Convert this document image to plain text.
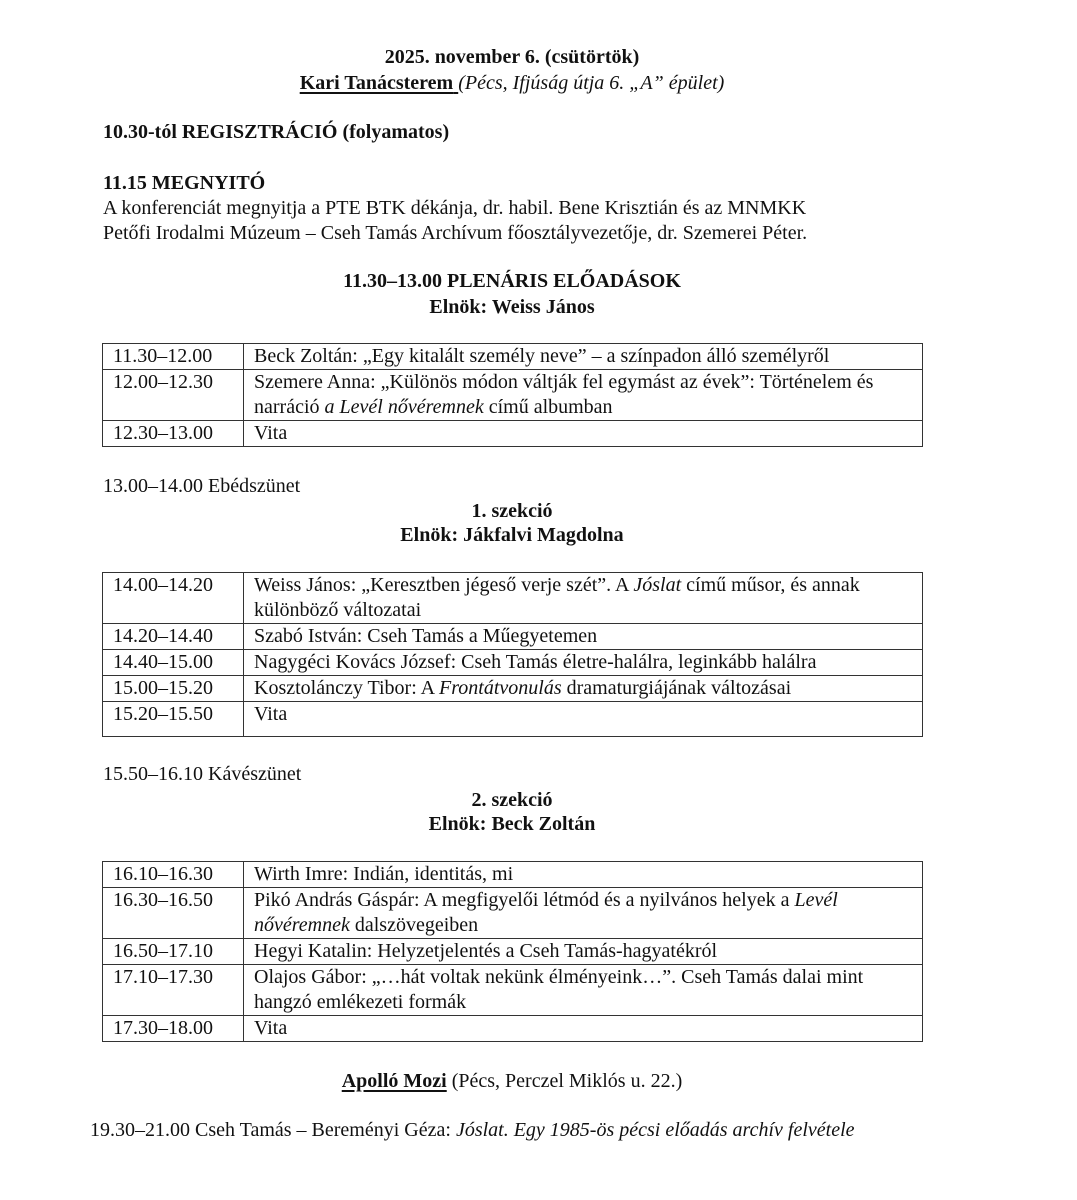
2025. november 6. (csütörtök)
Kari Tanácsterem (Pécs, Ifjúság útja 6. „A” épület)
10.30-tól REGISZTRÁCIÓ (folyamatos)
11.15 MEGNYITÓ
A konferenciát megnyitja a PTE BTK dékánja, dr. habil. Bene Krisztián és az MNMKK
Petőfi Irodalmi Múzeum – Cseh Tamás Archívum főosztályvezetője, dr. Szemerei Péter.
11.30–13.00 PLENÁRIS ELŐADÁSOK
Elnök: Weiss János
11.30–12.00	Beck Zoltán: „Egy kitalált személy neve” – a színpadon álló személyről
12.00–12.30	Szemere Anna: „Különös módon váltják fel egymást az évek”: Történelem és narráció a Levél nővéremnek című albumban
12.30–13.00	Vita
13.00–14.00 Ebédszünet
1. szekció
Elnök: Jákfalvi Magdolna
14.00–14.20	Weiss János: „Keresztben jégeső verje szét”. A Jóslat című műsor, és annak különböző változatai
14.20–14.40	Szabó István: Cseh Tamás a Műegyetemen
14.40–15.00	Nagygéci Kovács József: Cseh Tamás életre-halálra, leginkább halálra
15.00–15.20	Kosztolánczy Tibor: A Frontátvonulás dramaturgiájának változásai
15.20–15.50	Vita
15.50–16.10 Kávészünet
2. szekció
Elnök: Beck Zoltán
16.10–16.30	Wirth Imre: Indián, identitás, mi
16.30–16.50	Pikó András Gáspár: A megfigyelői létmód és a nyilvános helyek a Levél nővéremnek dalszövegeiben
16.50–17.10	Hegyi Katalin: Helyzetjelentés a Cseh Tamás-hagyatékról
17.10–17.30	Olajos Gábor: „…hát voltak nekünk élményeink…”. Cseh Tamás dalai mint hangzó emlékezeti formák
17.30–18.00	Vita
Apolló Mozi (Pécs, Perczel Miklós u. 22.)
19.30–21.00 Cseh Tamás – Bereményi Géza: Jóslat. Egy 1985-ös pécsi előadás archív felvétele
